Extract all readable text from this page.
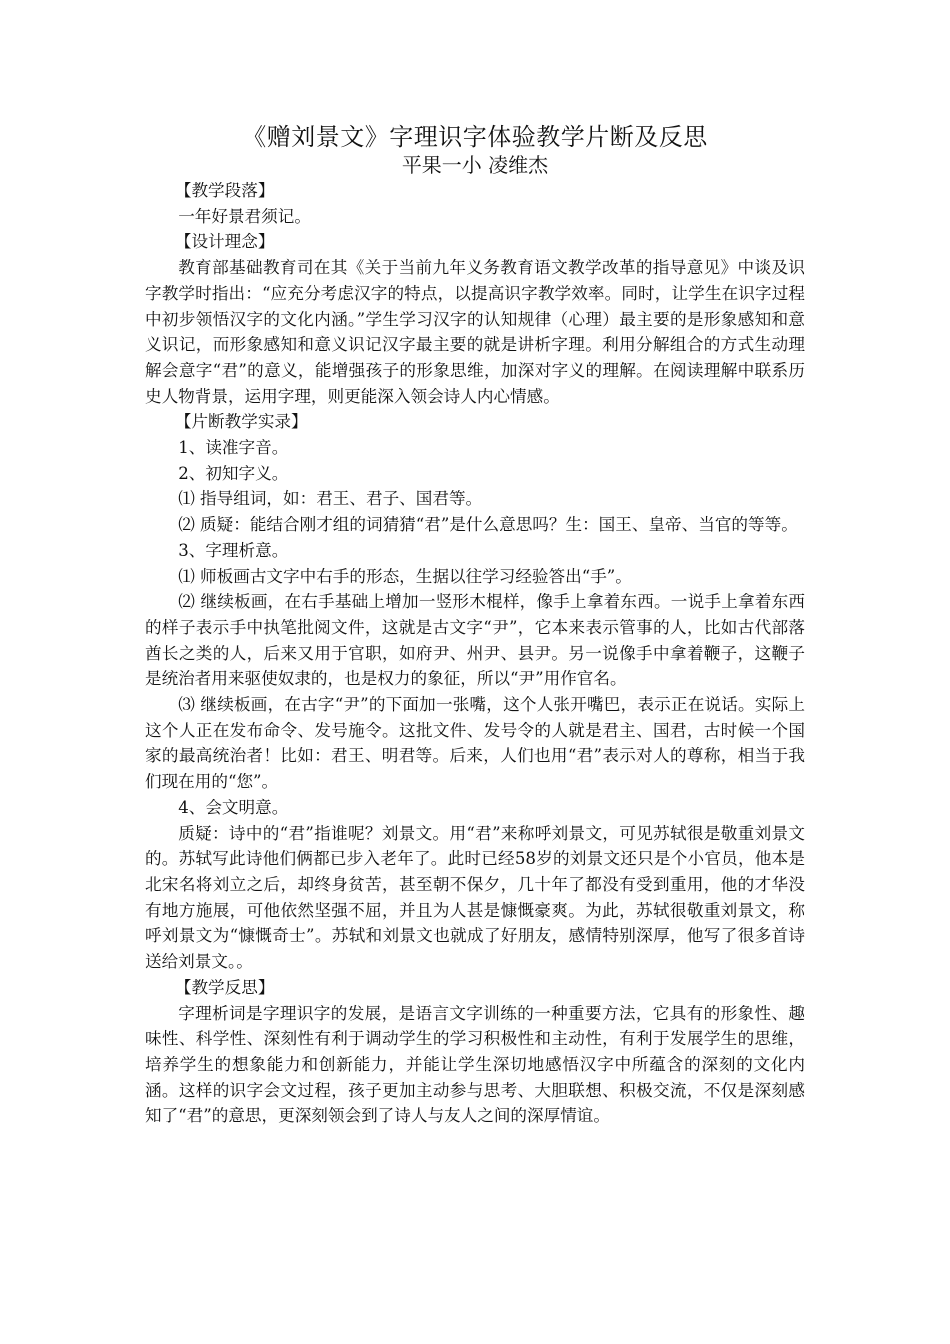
《赠刘景文》字理识字体验教学片断及反思
平果一小 凌维杰

【教学段落】

一年好景君须记。

【设计理念】

教育部基础教育司在其《关于当前九年义务教育语文教学改革的指导意见》中谈及识字教学时指出：“应充分考虑汉字的特点，以提高识字教学效率。同时，让学生在识字过程中初步领悟汉字的文化内涵。”学生学习汉字的认知规律（心理）最主要的是形象感知和意义识记，而形象感知和意义识记汉字最主要的就是讲析字理。利用分解组合的方式生动理解会意字“君”的意义，能增强孩子的形象思维，加深对字义的理解。在阅读理解中联系历史人物背景，运用字理，则更能深入领会诗人内心情感。

【片断教学实录】

1、读准字音。

2、初知字义。

⑴ 指导组词，如：君王、君子、国君等。

⑵ 质疑：能结合刚才组的词猜猜“君”是什么意思吗？生：国王、皇帝、当官的等等。

3、字理析意。

⑴ 师板画古文字中右手的形态，生据以往学习经验答出“手”。

⑵ 继续板画，在右手基础上增加一竖形木棍样，像手上拿着东西。一说手上拿着东西的样子表示手中执笔批阅文件，这就是古文字“尹”，它本来表示管事的人，比如古代部落酋长之类的人，后来又用于官职，如府尹、州尹、县尹。另一说像手中拿着鞭子，这鞭子是统治者用来驱使奴隶的，也是权力的象征，所以“尹”用作官名。

⑶ 继续板画，在古字“尹”的下面加一张嘴，这个人张开嘴巴，表示正在说话。实际上这个人正在发布命令、发号施令。这批文件、发号令的人就是君主、国君，古时候一个国家的最高统治者！比如：君王、明君等。后来，人们也用“君”表示对人的尊称，相当于我们现在用的“您”。

4、会文明意。

质疑：诗中的“君”指谁呢？刘景文。用“君”来称呼刘景文，可见苏轼很是敬重刘景文的。苏轼写此诗他们俩都已步入老年了。此时已经58岁的刘景文还只是个小官员，他本是北宋名将刘立之后，却终身贫苦，甚至朝不保夕，几十年了都没有受到重用，他的才华没有地方施展，可他依然坚强不屈，并且为人甚是慷慨豪爽。为此，苏轼很敬重刘景文，称呼刘景文为“慷慨奇士”。苏轼和刘景文也就成了好朋友，感情特别深厚，他写了很多首诗送给刘景文。。

【教学反思】

字理析词是字理识字的发展，是语言文字训练的一种重要方法，它具有的形象性、趣味性、科学性、深刻性有利于调动学生的学习积极性和主动性，有利于发展学生的思维，培养学生的想象能力和创新能力，并能让学生深切地感悟汉字中所蕴含的深刻的文化内涵。这样的识字会文过程，孩子更加主动参与思考、大胆联想、积极交流，不仅是深刻感知了“君”的意思，更深刻领会到了诗人与友人之间的深厚情谊。
